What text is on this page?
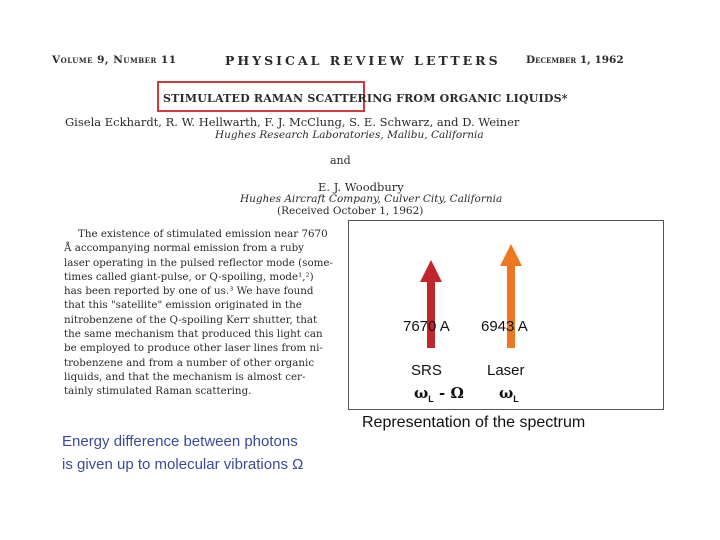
Volume 9, Number 11	PHYSICAL REVIEW LETTERS December 1, 1962
STIMULATED RAMAN SCATTERING FROM ORGANIC LIQUIDS*
Gisela Eckhardt, R. W. Hellwarth, F. J. McClung, S. E. Schwarz, and D. Weiner
Hughes Research Laboratories, Malibu, California
and
E. J. Woodbury
Hughes Aircraft Company, Culver City, California
(Received October 1, 1962)
The existence of stimulated emission near 7670
Å accompanying normal emission from a ruby
laser operating in the pulsed reflector mode (some-
times called giant-pulse, or Q-spoiling, mode¹,²)
has been reported by one of us.³ We have found
that this "satellite" emission originated in the
nitrobenzene of the Q-spoiling Kerr shutter, that
the same mechanism that produced this light can
be employed to produce other laser lines from ni-
trobenzene and from a number of other organic
liquids, and that the mechanism is almost cer-
tainly stimulated Raman scattering.
7670 A 6943 A
SRS	Laser
$\omega_L$ - Ω $\omega_L$
Representation of the spectrum
Energy difference between photons
is given up to molecular vibrations Ω
